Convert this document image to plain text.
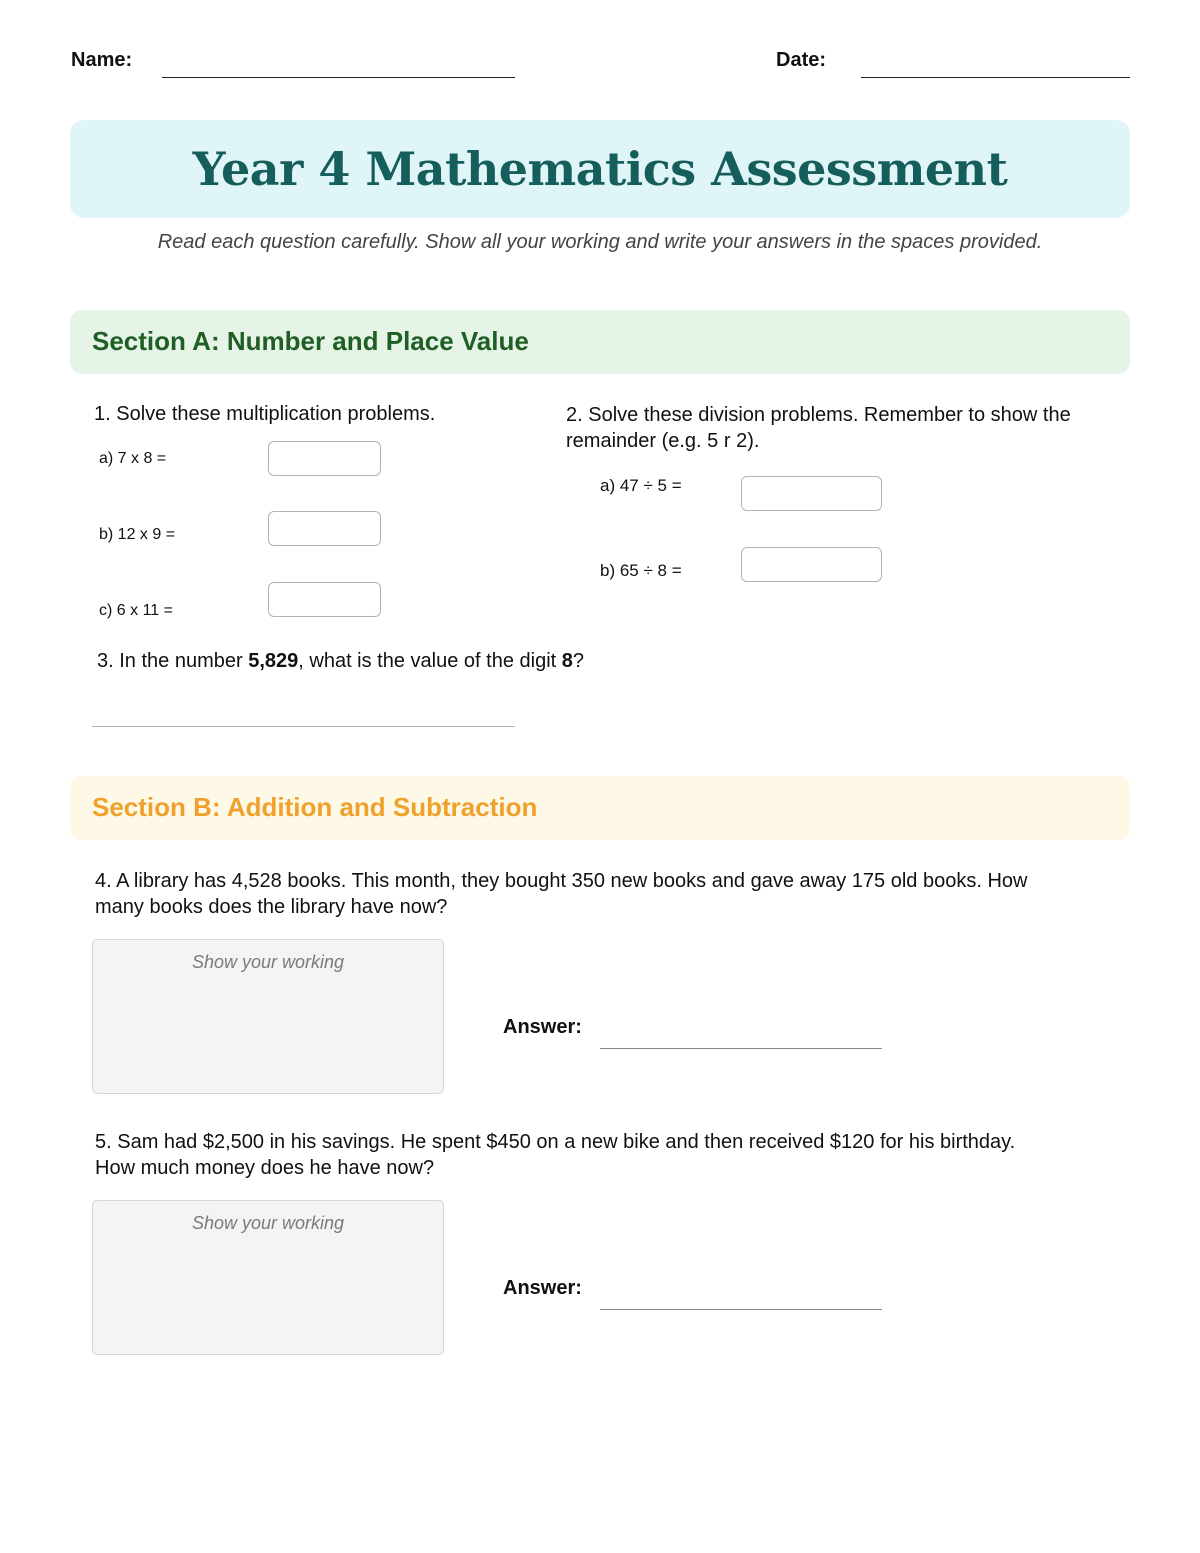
Name:	Date:
Year 4 Mathematics Assessment
Read each question carefully. Show all your working and write your answers in the spaces provided.
Section A: Number and Place Value
1. Solve these multiplication problems.
a) 7 x 8 =
b) 12 x 9 =
c) 6 x 11 =
2. Solve these division problems. Remember to show the
remainder (e.g. 5 r 2).
a) 47 ÷ 5 =
b) 65 ÷ 8 =
3. In the number 5,829, what is the value of the digit 8?
Section B: Addition and Subtraction
4. A library has 4,528 books. This month, they bought 350 new books and gave away 175 old books. How
many books does the library have now?
Show your working
Answer:
5. Sam had $2,500 in his savings. He spent $450 on a new bike and then received $120 for his birthday.
How much money does he have now?
Show your working
Answer:
